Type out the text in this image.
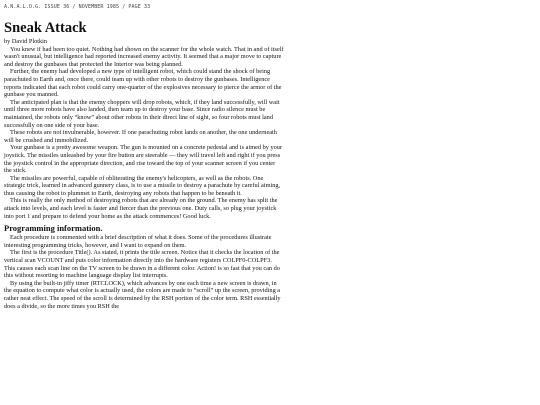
A.N.A.L.O.G. ISSUE 36 / NOVEMBER 1985 / PAGE 33
Sneak Attack
by David Plotkin

You knew if had been too quiet. Nothing had shown on the scanner for the whole watch. That in and of itself wasn't unusual, but intelligence had reported increased enemy activity. It seemed that a major move to capture and destroy the gunbases that protected the Interior was being planned.

Further, the enemy had developed a new type of intelligent robot, which could stand the shock of being parachuted to Earth and, once there, could team up with other robots to destroy the gunbases. Intelligence reports indicated that each robot could carry one-quarter of the explosives necessary to pierce the armor of the gunbase you manned.

The anticipated plan is that the enemy choppers will drop robots, which, if they land successfully, will wait until three more robots have also landed, then team up to destroy your base. Since radio silence must be maintained, the robots only “know” about other robots in their direct line of sight, so four robots must land successfully on one side of your base.

These robots are not invulnerable, however. If one parachuting robot lands on another, the one underneath will be crushed and immobilized.

Your gunbase is a pretty awesome weapon. The gun is mounted on a concrete pedestal and is aimed by your joystick. The missiles unleashed by your fire button are steerable — they will travel left and right if you press the joystick control in the appropriate direction, and rise toward the top of your scanner screen if you center the stick.

The missiles are powerful, capable of obliterating the enemy's helicopters, as well as the robots. One strategic trick, learned in advanced gunnery class, is to use a missile to destroy a parachute by careful aiming, thus causing the robot to plummet to Earth, destroying any robots that happen to be beneath it.

This is really the only method of destroying robots that are already on the ground. The enemy has split the attack into levels, and each level is faster and fiercer than the previous one. Duty calls, so plug your joystick into port 1 and prepare to defend your home as the attack commences! Good luck.

Programming information.

Each procedure is commented with a brief description of what it does. Some of the procedures illustrate interesting programming tricks, however, and I want to expand on them.

The first is the procedure Title(). As stated, it prints the title screen. Notice that it checks the location of the vertical scan VCOUNT and puts color information directly into the hardware registers COLPF0-COLPF3. This causes each scan line on the TV screen to be drawn in a different color. Action! is so fast that you can do this without resorting to machine language display list interrupts.

By using the built-in jiffy timer (RTCLOCK), which advances by one each time a new screen is drawn, in the equation to compute what color is actually used, the colors are made to “scroll” up the screen, providing a rather neat effect. The speed of the scroll is determined by the RSH portion of the color term. RSH essentially does a divide, so the more times you RSH the
